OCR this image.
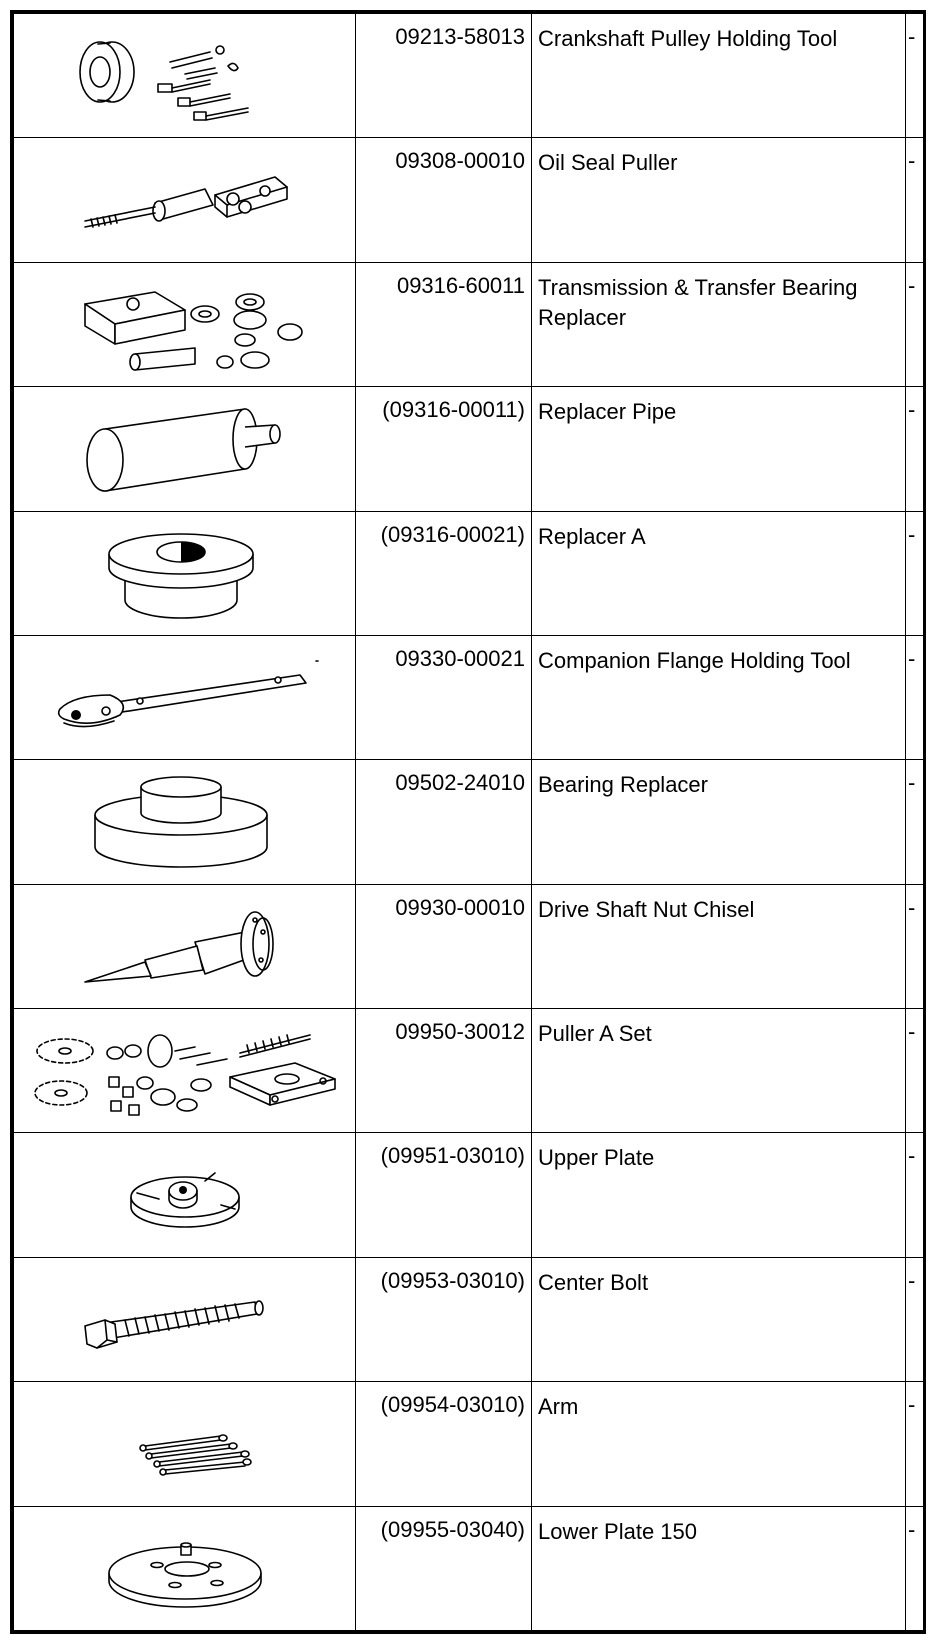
	09213-58013	Crankshaft Pulley Holding Tool	-

	09308-00010	Oil Seal Puller	-

	09316-60011	Transmission & Transfer Bearing Replacer	-

	(09316-00011)	Replacer Pipe	-

	(09316-00021)	Replacer A	-

	09330-00021	Companion Flange Holding Tool	-

	09502-24010	Bearing Replacer	-

	09930-00010	Drive Shaft Nut Chisel	-

	09950-30012	Puller A Set	-

	(09951-03010)	Upper Plate	-

	(09953-03010)	Center Bolt	-

	(09954-03010)	Arm	-

	(09955-03040)	Lower Plate 150	-
